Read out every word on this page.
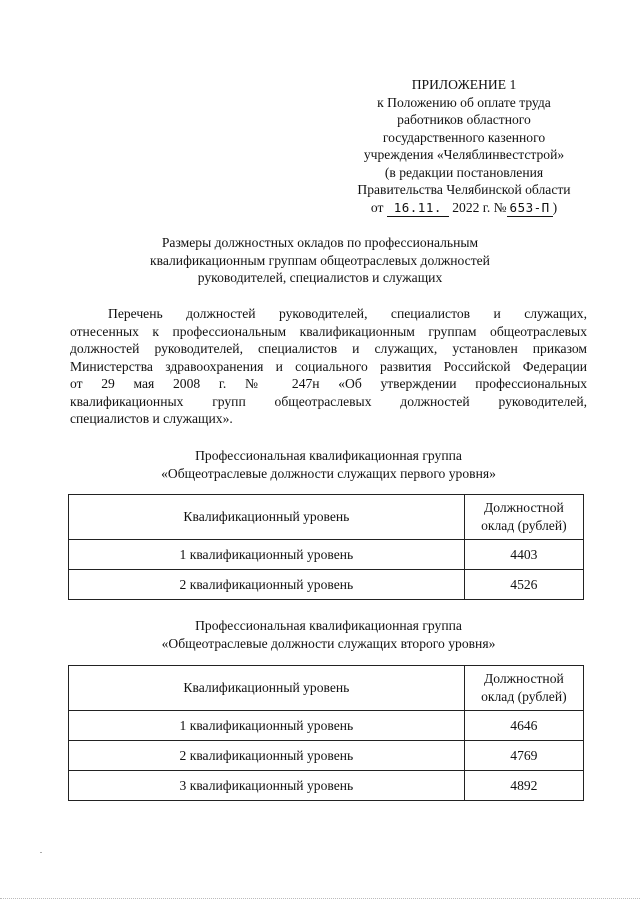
ПРИЛОЖЕНИЕ 1
к Положению об оплате труда
работников областного
государственного казенного
учреждения «Челяблинвестстрой»
(в редакции постановления
Правительства Челябинской области
от 16.11. 2022 г. № 653-П )
Размеры должностных окладов по профессиональным
квалификационным группам общеотраслевых должностей
руководителей, специалистов и служащих
Перечень должностей руководителей, специалистов и служащих,
отнесенных к профессиональным квалификационным группам общеотраслевых
должностей руководителей, специалистов и служащих, установлен приказом
Министерства здравоохранения и социального развития Российской Федерации
от 29 мая 2008 г. № 247н «Об утверждении профессиональных
квалификационных групп общеотраслевых должностей руководителей,
специалистов и служащих».
Профессиональная квалификационная группа
«Общеотраслевые должности служащих первого уровня»
Квалификационный уровень	Должностной
оклад (рублей)

1 квалификационный уровень	4403
2 квалификационный уровень	4526
Профессиональная квалификационная группа
«Общеотраслевые должности служащих второго уровня»
Квалификационный уровень	Должностной
оклад (рублей)

1 квалификационный уровень	4646
2 квалификационный уровень	4769
3 квалификационный уровень	4892
